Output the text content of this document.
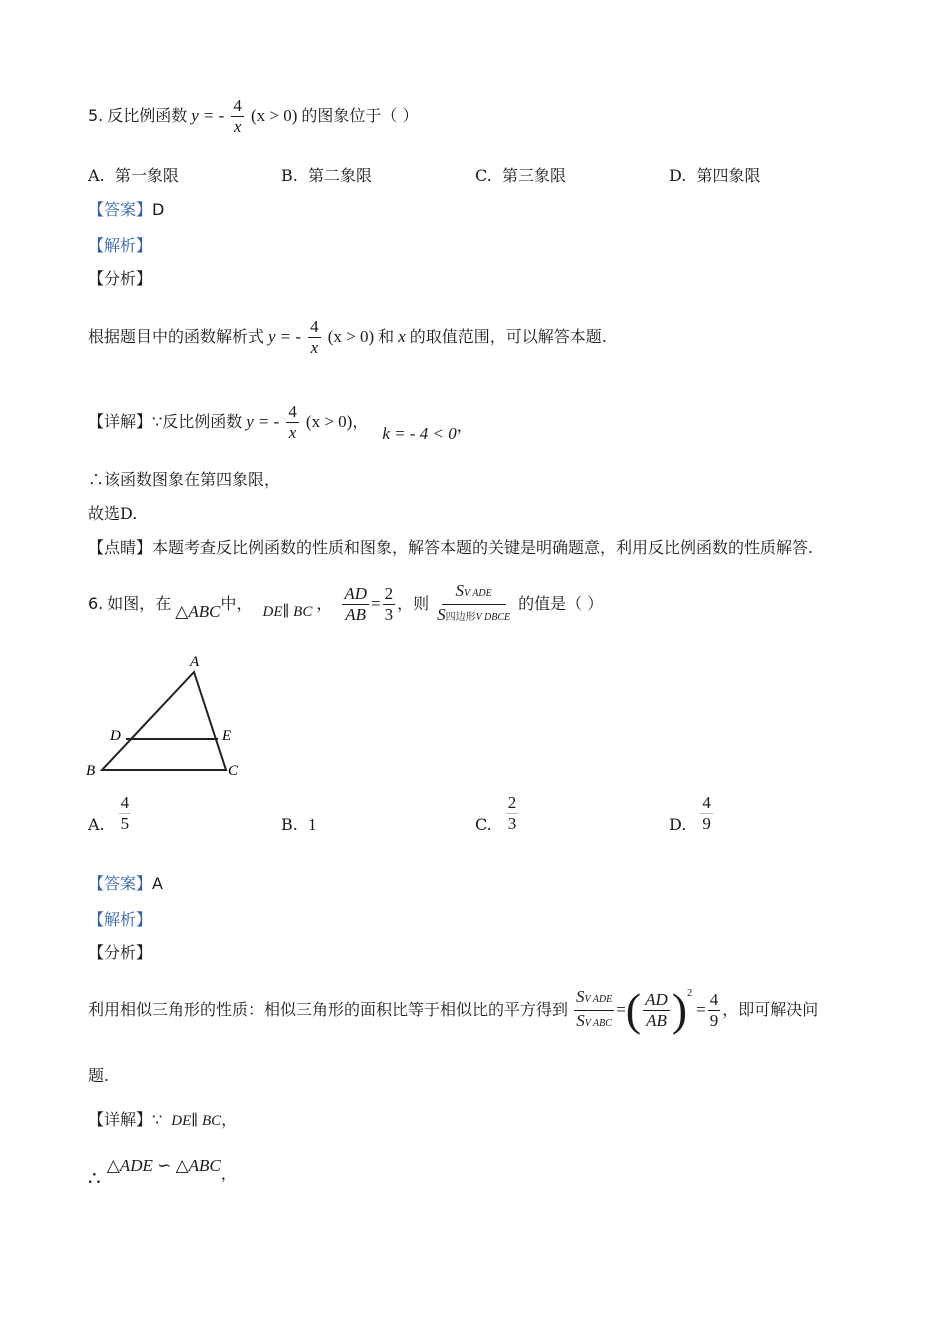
5. 反比例函数 y = - $\frac{4}{x} (x > 0)$ 的图象位于（ ）
A. 第一象限	B. 第二象限	C. 第三象限	D. 第四象限
【答案】D
【解析】
【分析】
根据题目中的函数解析式 y = - $\frac{4}{x} (x > 0)$ 和 x 的取值范围，可以解答本题.
【详解】 ∵ 反比例函数 y = - $\frac{4}{x} (x > 0)$ ，
k = - 4 < 0 ，
∴该函数图象在第四象限，
故选D.
【点睛】本题考查反比例函数的性质和图象，解答本题的关键是明确题意，利用反比例函数的性质解答.
6. 如图，在 △ABC 中， DE∥ BC ， $\frac{AD}{AB} = \frac{2}{3}$ ，则 $\frac{\text{SV ADE}}{\text{S四边形V DBCE}}$ 的值是（ ）
A
D	E
B	C
A. $\frac{4}{5}$	B. 1	C. $\frac{2}{3}$	D. $\frac{4}{9}$
【答案】A
【解析】
【分析】
利用相似三角形的性质：相似三角形的面积比等于相似比的平方得到 $\frac{\text{SV ADE}}{\text{SV ABC}}$ = ( $\frac{AD}{AB}$ ) 2
= $\frac{4}{9}$ ，即可解决问
题.
【详解】∵ DE∥ BC，
∴
△ADE ∽ △ABC ，
